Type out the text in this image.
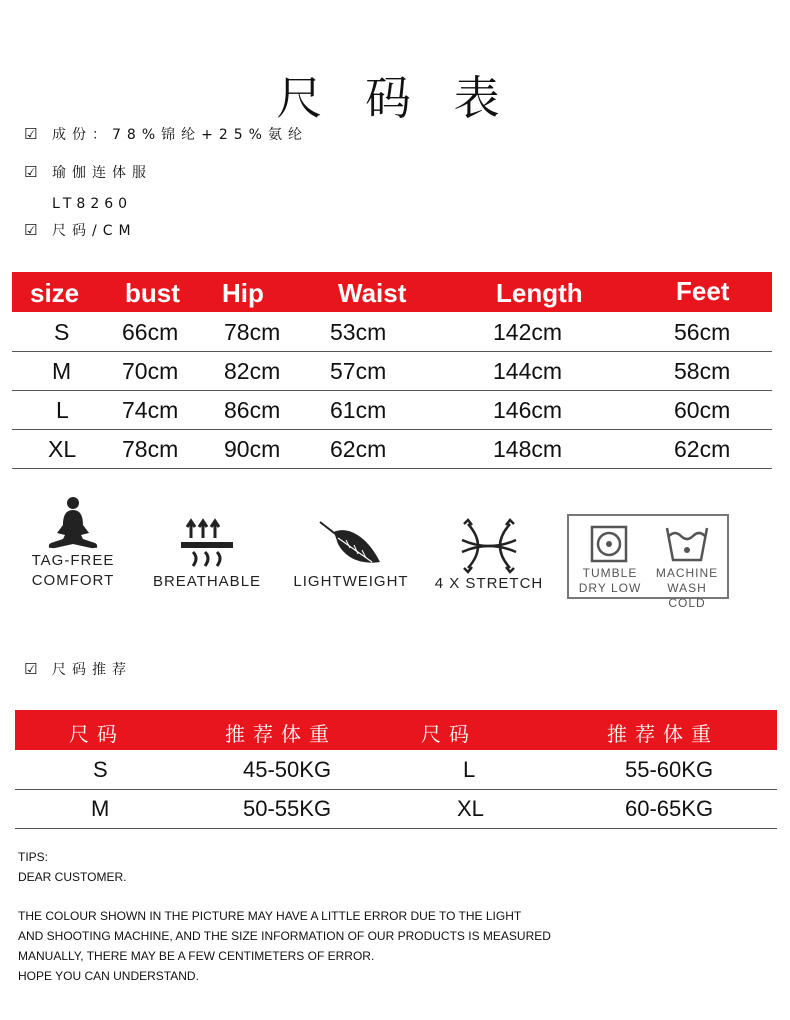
尺 码 表
☑	成份：78%锦纶+25%氨纶
☑	瑜伽连体服
LT8260
☑	尺码/CM
size bust Hip	Waist	Length	Feet
S 66cm 78cm 53cm	142cm	56cm
M 70cm 82cm 57cm	144cm	58cm
L 74cm 86cm 61cm	146cm	60cm
XL 78cm 90cm 62cm	148cm	62cm
TAG-FREE
COMFORT	BREATHABLE LIGHTWEIGHT 4 X STRETCH
TUMBLE
DRY LOW
MACHINE
WASH COLD
☑	尺码推荐
尺码	推荐体重	尺码	推荐体重
S	45-50KG	L	55-60KG
M	50-55KG	XL	60-65KG
TIPS:
DEAR CUSTOMER.
THE COLOUR SHOWN IN THE PICTURE MAY HAVE A LITTLE ERROR DUE TO THE LIGHT
AND SHOOTING MACHINE, AND THE SIZE INFORMATION OF OUR PRODUCTS IS MEASURED
MANUALLY, THERE MAY BE A FEW CENTIMETERS OF ERROR.
HOPE YOU CAN UNDERSTAND.
